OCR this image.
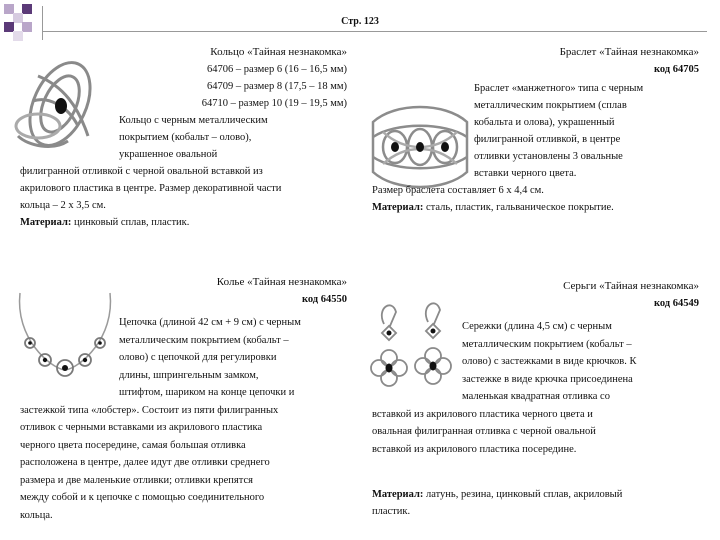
Стр. 123
Кольцо «Тайная незнакомка»
64706 – размер 6 (16 – 16,5 мм)
64709 – размер 8 (17,5 – 18 мм)
64710 – размер 10 (19 – 19,5 мм)
Кольцо с черным металлическим
покрытием (кобальт – олово),
украшенное овальной
филигранной отливкой с черной овальной вставкой из
акрилового пластика в центре. Размер декоративной части
кольца – 2 х 3,5 см.
Материал: цинковый сплав, пластик.
Браслет «Тайная незнакомка»
код 64705
Браслет «манжетного» типа с черным
металлическим покрытием (сплав
кобальта и олова), украшенный
филигранной отливкой, в центре
отливки установлены 3 овальные
вставки черного цвета.
Размер браслета составляет 6 х 4,4 см.
Материал: сталь, пластик, гальваническое покрытие.
Колье «Тайная незнакомка»
код 64550
Цепочка (длиной 42 см + 9 см) с черным
металлическим покрытием (кобальт –
олово) с цепочкой для регулировки
длины, шпрингельным замком,
штифтом, шариком на конце цепочки и
застежкой типа «лобстер». Состоит из пяти филигранных
отливок с черными вставками из акрилового пластика
черного цвета посередине, самая большая отливка
расположена в центре, далее идут две отливки среднего
размера и две маленькие отливки; отливки крепятся
между собой и к цепочке с помощью соединительного
кольца.
Серьги «Тайная незнакомка»
код 64549
Сережки (длина 4,5 см) с черным
металлическим покрытием (кобальт –
олово) с застежками в виде крючков. К
застежке в виде крючка присоединена
маленькая квадратная отливка со
вставкой из акрилового пластика черного цвета и
овальная филигранная отливка с черной овальной
вставкой из акрилового пластика посередине.
Материал: латунь, резина, цинковый сплав, акриловый
пластик.
